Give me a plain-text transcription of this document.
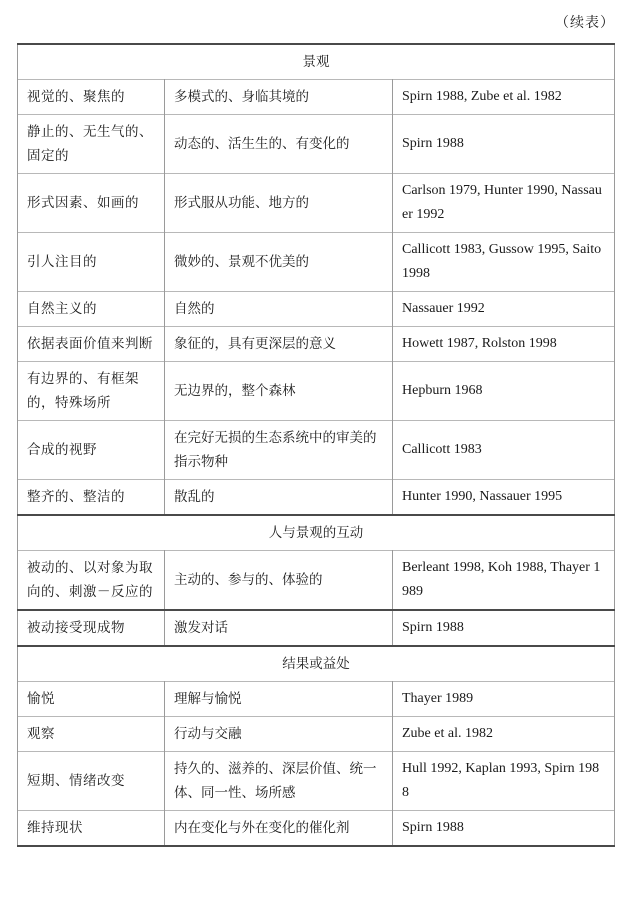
（续表）
景观		
视觉的、聚焦的	多模式的、身临其境的	Spirn 1988, Zube et al. 1982
静止的、无生气的、固定的	动态的、活生生的、有变化的	Spirn 1988
形式因素、如画的	形式服从功能、地方的	Carlson 1979, Hunter 1990, Nassauer 1992
引人注目的	微妙的、景观不优美的	Callicott 1983, Gussow 1995, Saito 1998
自然主义的	自然的	Nassauer 1992
依据表面价值来判断	象征的，具有更深层的意义	Howett 1987, Rolston 1998
有边界的、有框架的，特殊场所	无边界的，整个森林	Hepburn 1968
合成的视野	在完好无损的生态系统中的审美的指示物种	Callicott 1983
整齐的、整洁的	散乱的	Hunter 1990, Nassauer 1995
人与景观的互动		
被动的、以对象为取向的、刺激－反应的	主动的、参与的、体验的	Berleant 1998, Koh 1988, Thayer 1989
被动接受现成物	激发对话	Spirn 1988
结果或益处		
愉悦	理解与愉悦	Thayer 1989
观察	行动与交融	Zube et al. 1982
短期、情绪改变	持久的、滋养的、深层价值、统一体、同一性、场所感	Hull 1992, Kaplan 1993, Spirn 1988
维持现状	内在变化与外在变化的催化剂	Spirn 1988
